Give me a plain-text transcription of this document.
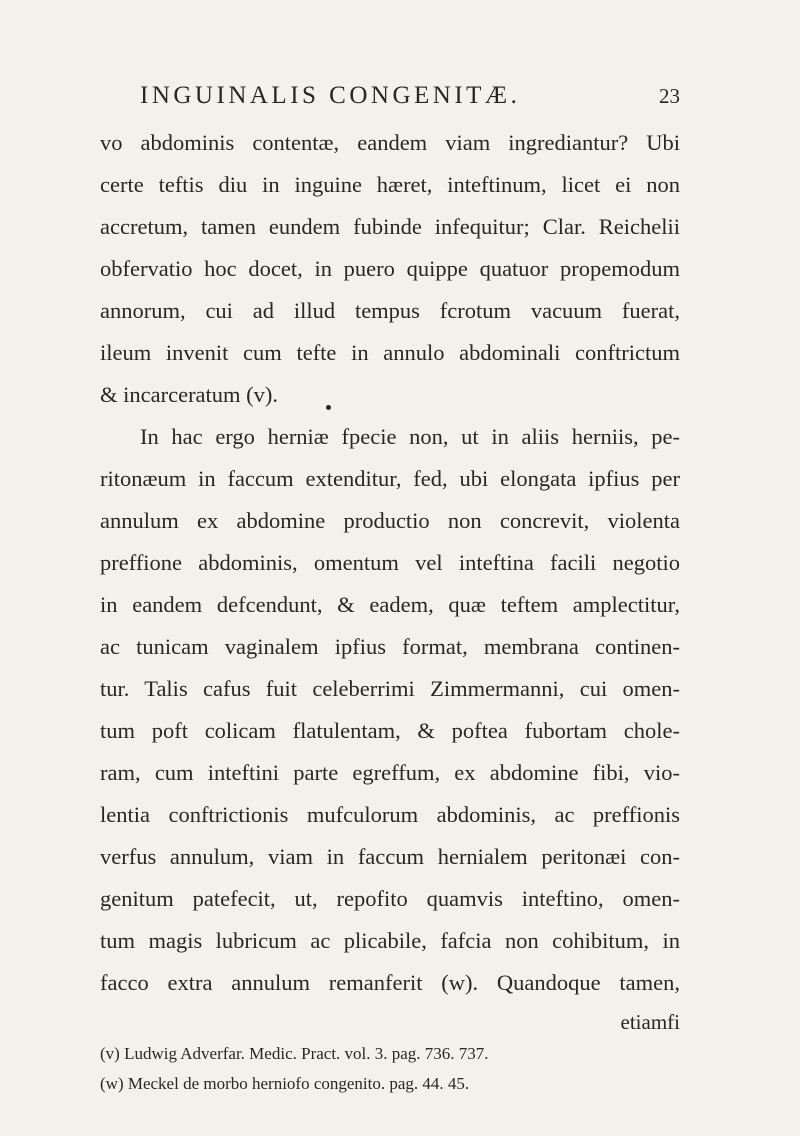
INGUINALIS CONGENITÆ.	23
vo abdominis contentæ, eandem viam ingrediantur? Ubi
certe teftis diu in inguine hæret, inteftinum, licet ei non
accretum, tamen eundem fubinde infequitur; Clar. Reichelii
obfervatio hoc docet, in puero quippe quatuor propemodum
annorum, cui ad illud tempus fcrotum vacuum fuerat,
ileum invenit cum tefte in annulo abdominali conftrictum
& incarceratum (v).
In hac ergo herniæ fpecie non, ut in aliis herniis, pe-
ritonæum in faccum extenditur, fed, ubi elongata ipfius per
annulum ex abdomine productio non concrevit, violenta
preffione abdominis, omentum vel inteftina facili negotio
in eandem defcendunt, & eadem, quæ teftem amplectitur,
ac tunicam vaginalem ipfius format, membrana continen-
tur. Talis cafus fuit celeberrimi Zimmermanni, cui omen-
tum poft colicam flatulentam, & poftea fubortam chole-
ram, cum inteftini parte egreffum, ex abdomine fibi, vio-
lentia conftrictionis mufculorum abdominis, ac preffionis
verfus annulum, viam in faccum hernialem peritonæi con-
genitum patefecit, ut, repofito quamvis inteftino, omen-
tum magis lubricum ac plicabile, fafcia non cohibitum, in
facco extra annulum remanferit (w). Quandoque tamen,
etiamfi
(v) Ludwig Adverfar. Medic. Pract. vol. 3. pag. 736. 737.
(w) Meckel de morbo herniofo congenito. pag. 44. 45.
